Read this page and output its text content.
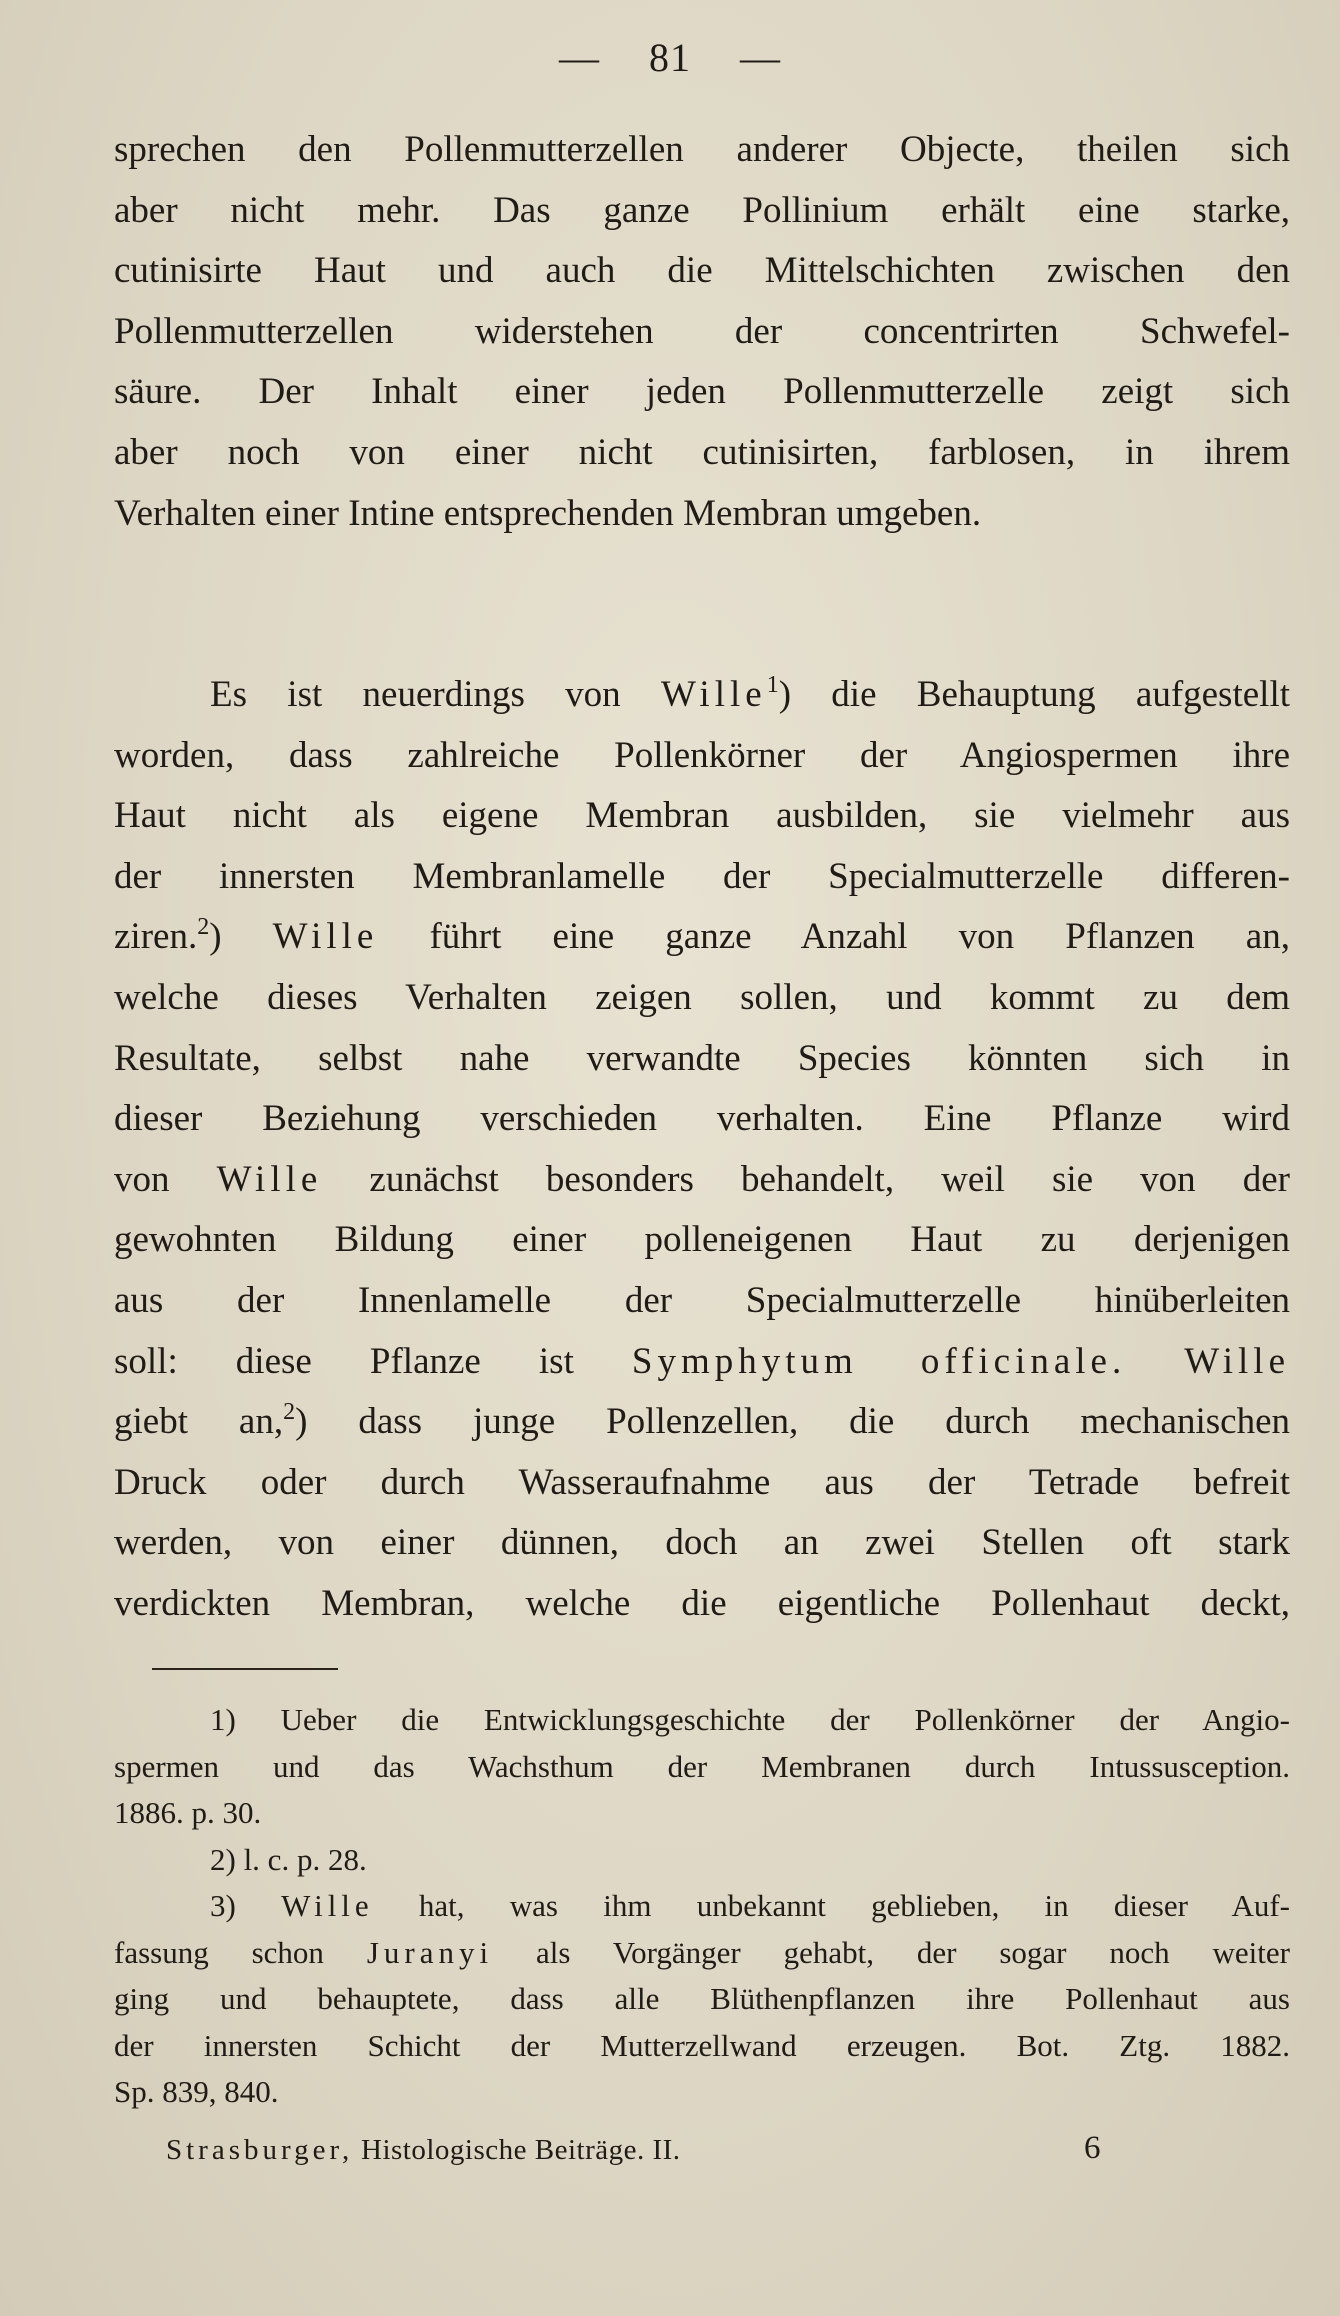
— 81 —
sprechen den Pollenmutterzellen anderer Objecte, theilen sich
aber nicht mehr. Das ganze Pollinium erhält eine starke,
cutinisirte Haut und auch die Mittelschichten zwischen den
Pollenmutterzellen widerstehen der concentrirten Schwefel-
säure. Der Inhalt einer jeden Pollenmutterzelle zeigt sich
aber noch von einer nicht cutinisirten, farblosen, in ihrem
Verhalten einer Intine entsprechenden Membran umgeben.
Es ist neuerdings von Wille$^1$) die Behauptung aufgestellt
worden, dass zahlreiche Pollenkörner der Angiospermen ihre
Haut nicht als eigene Membran ausbilden, sie vielmehr aus
der innersten Membranlamelle der Specialmutterzelle differen-
ziren.$^2$) Wille führt eine ganze Anzahl von Pflanzen an,
welche dieses Verhalten zeigen sollen, und kommt zu dem
Resultate, selbst nahe verwandte Species könnten sich in
dieser Beziehung verschieden verhalten. Eine Pflanze wird
von Wille zunächst besonders behandelt, weil sie von der
gewohnten Bildung einer polleneigenen Haut zu derjenigen
aus der Innenlamelle der Specialmutterzelle hinüberleiten
soll: diese Pflanze ist Symphytum officinale. Wille
giebt an,$^2$) dass junge Pollenzellen, die durch mechanischen
Druck oder durch Wasseraufnahme aus der Tetrade befreit
werden, von einer dünnen, doch an zwei Stellen oft stark
verdickten Membran, welche die eigentliche Pollenhaut deckt,
1) Ueber die Entwicklungsgeschichte der Pollenkörner der Angio-
spermen und das Wachsthum der Membranen durch Intussusception.
1886. p. 30.
2) l. c. p. 28.
3) Wille hat, was ihm unbekannt geblieben, in dieser Auf-
fassung schon Juranyi als Vorgänger gehabt, der sogar noch weiter
ging und behauptete, dass alle Blüthenpflanzen ihre Pollenhaut aus
der innersten Schicht der Mutterzellwand erzeugen. Bot. Ztg. 1882.
Sp. 839, 840.
Strasburger, Histologische Beiträge. II.	6
